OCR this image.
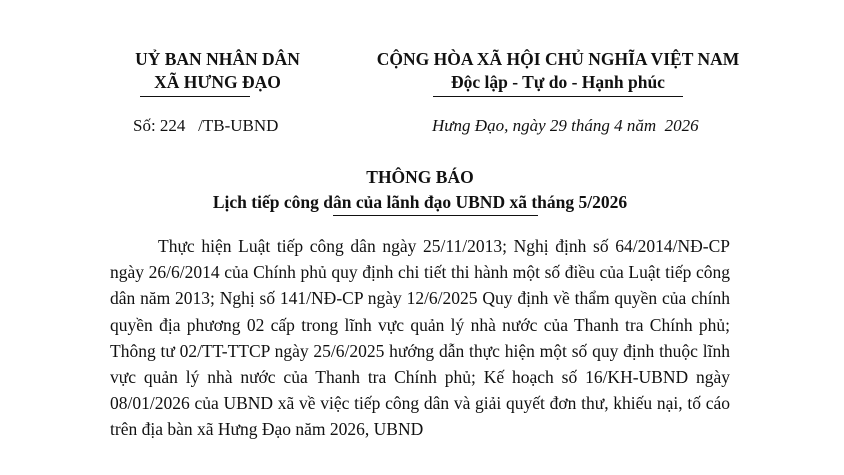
UỶ BAN NHÂN DÂN
XÃ HƯNG ĐẠO
CỘNG HÒA XÃ HỘI CHỦ NGHĨA VIỆT NAM
Độc lập - Tự do - Hạnh phúc
Số: 224   /TB-UBND	Hưng Đạo, ngày 29 tháng 4 năm  2026
THÔNG BÁO
Lịch tiếp công dân của lãnh đạo UBND xã tháng 5/2026

Thực hiện Luật tiếp công dân ngày 25/11/2013; Nghị định số 64/2014/NĐ-CP ngày 26/6/2014 của Chính phủ quy định chi tiết thi hành một số điều của Luật tiếp công dân năm 2013; Nghị số 141/NĐ-CP ngày 12/6/2025 Quy định về thẩm quyền của chính quyền địa phương 02 cấp trong lĩnh vực quản lý nhà nước của Thanh tra Chính phủ; Thông tư 02/TT-TTCP ngày 25/6/2025 hướng dẫn thực hiện một số quy định thuộc lĩnh vực quản lý nhà nước của Thanh tra Chính phủ; Kế hoạch số 16/KH-UBND ngày 08/01/2026 của UBND xã về việc tiếp công dân và giải quyết đơn thư, khiếu nại, tố cáo trên địa bàn xã Hưng Đạo năm 2026, UBND
